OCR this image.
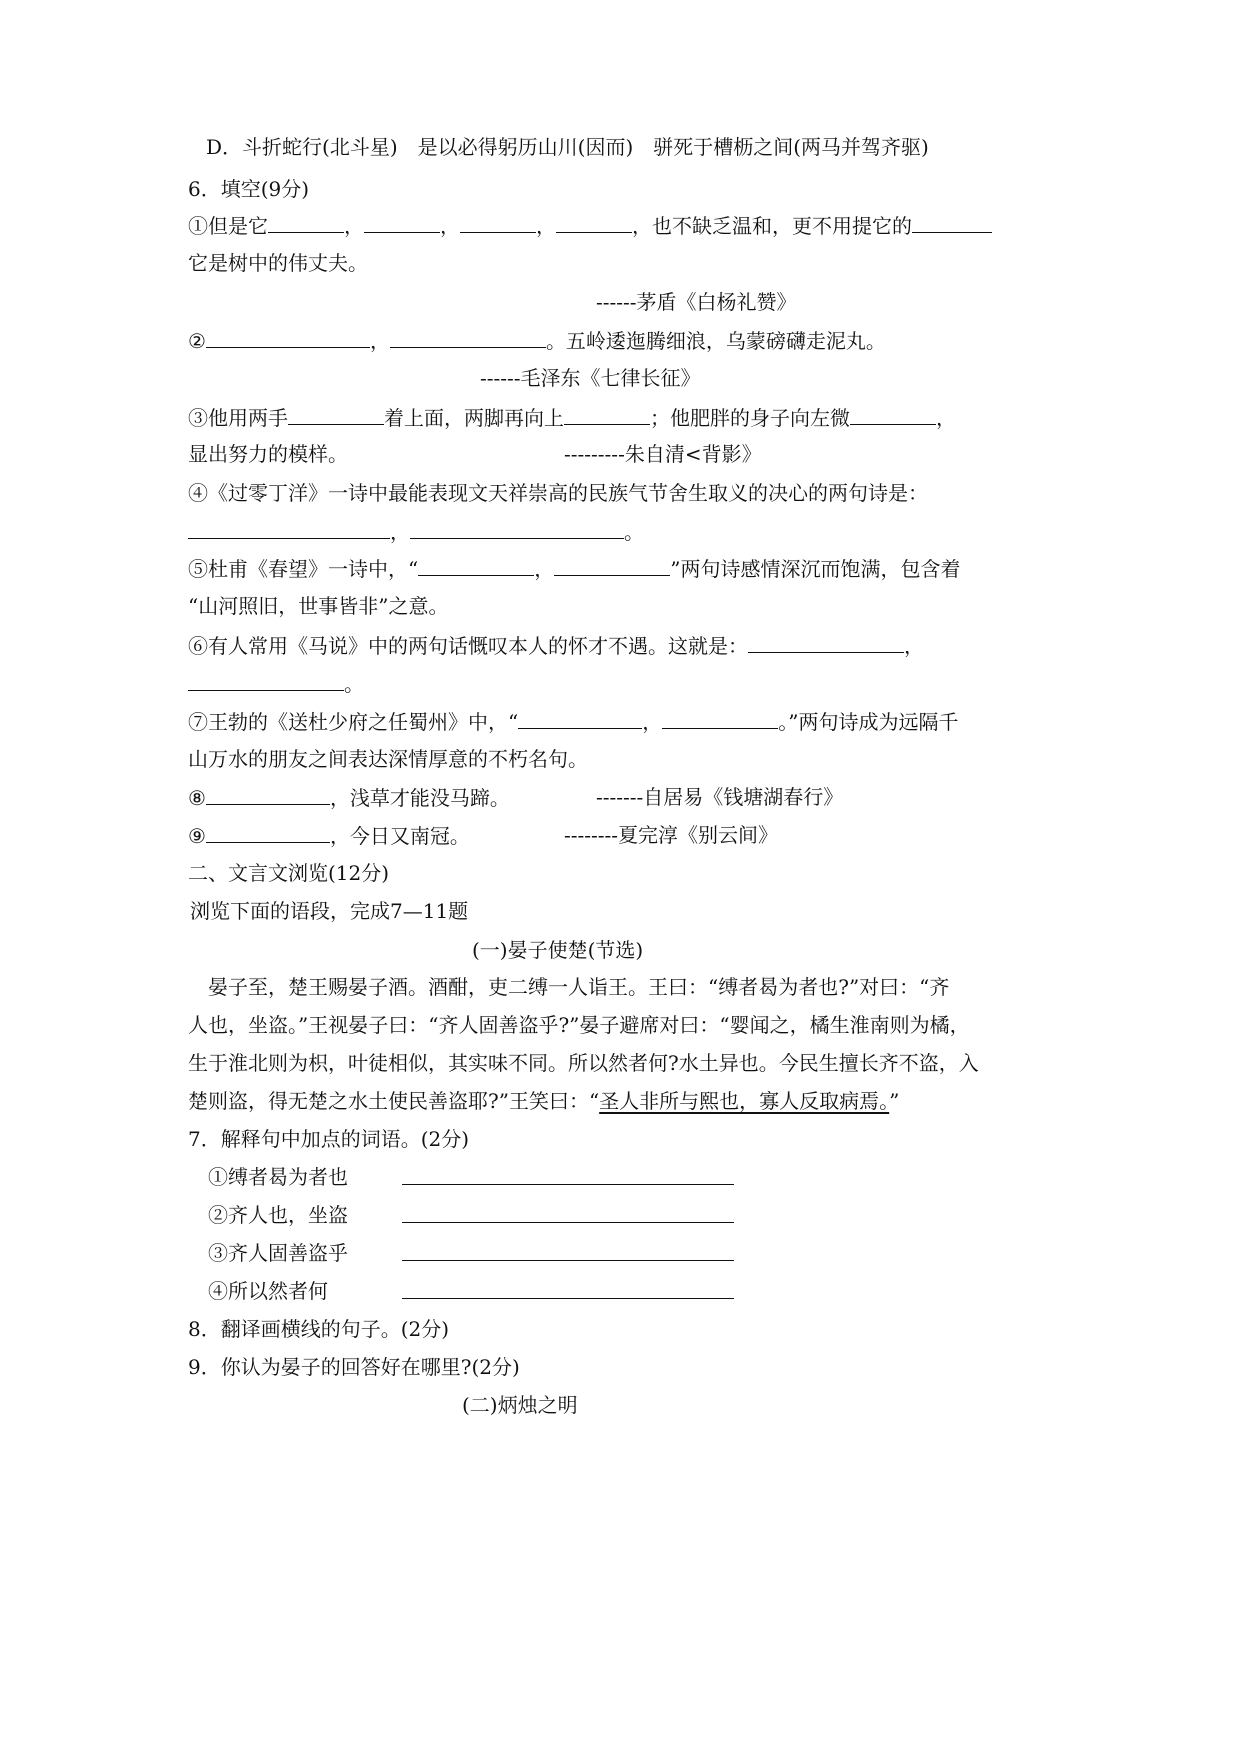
D．斗折蛇行(北斗星)　是以必得躬历山川(因而)　骈死于槽枥之间(两马并驾齐驱)
6．填空(9分)
①但是它	，	，	，	，也不缺乏温和，更不用提它的
它是树中的伟丈夫。
------茅盾《白杨礼赞》
②	，	。五岭逶迤腾细浪，乌蒙磅礴走泥丸。
------毛泽东《七律长征》
③他用两手	着上面，两脚再向上	；他肥胖的身子向左微	，
显出努力的模样。	---------朱自清<背影》
④《过零丁洋》一诗中最能表现文天祥崇高的民族气节舍生取义的决心的两句诗是：
，	。
⑤杜甫《春望》一诗中，“	，	”两句诗感情深沉而饱满，包含着
“山河照旧，世事皆非”之意。
⑥有人常用《马说》中的两句话慨叹本人的怀才不遇。这就是：	，
。
⑦王勃的《送杜少府之任蜀州》中，“	，	。”两句诗成为远隔千
山万水的朋友之间表达深情厚意的不朽名句。
⑧	，浅草才能没马蹄。	-------自居易《钱塘湖春行》
⑨	，今日又南冠。	--------夏完淳《别云间》
二、文言文浏览(12分)
浏览下面的语段，完成7—11题
(一)晏子使楚(节选)
晏子至，楚王赐晏子酒。酒酣，吏二缚一人诣王。王曰：“缚者曷为者也?”对曰：“齐
人也，坐盗。”王视晏子曰：“齐人固善盗乎?”晏子避席对曰：“婴闻之，橘生淮南则为橘，
生于淮北则为枳，叶徒相似，其实味不同。所以然者何?水土异也。今民生擅长齐不盗，入
楚则盗，得无楚之水土使民善盗耶?”王笑曰：“圣人非所与熙也，寡人反取病焉。”
7．解释句中加点的词语。(2分)
①缚者曷为者也
②齐人也，坐盗
③齐人固善盗乎
④所以然者何
8．翻译画横线的句子。(2分)
9．你认为晏子的回答好在哪里?(2分)
(二)炳烛之明
